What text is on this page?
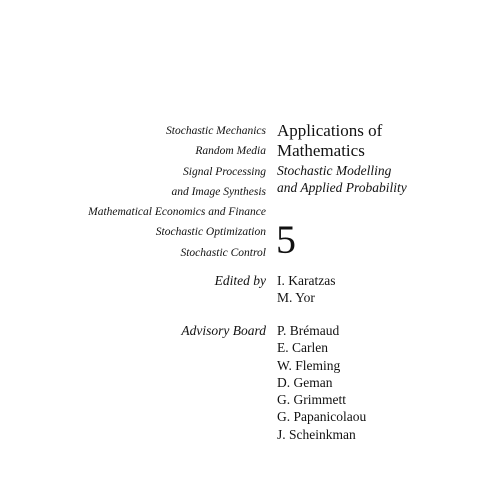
Stochastic Mechanics
Random Media
Signal Processing
and Image Synthesis
Mathematical Economics and Finance
Stochastic Optimization
Stochastic Control
Applications of
Mathematics
Stochastic Modelling
and Applied Probability
5
Edited by I. Karatzas
M. Yor
Advisory Board P. Brémaud
E. Carlen
W. Fleming
D. Geman
G. Grimmett
G. Papanicolaou
J. Scheinkman
